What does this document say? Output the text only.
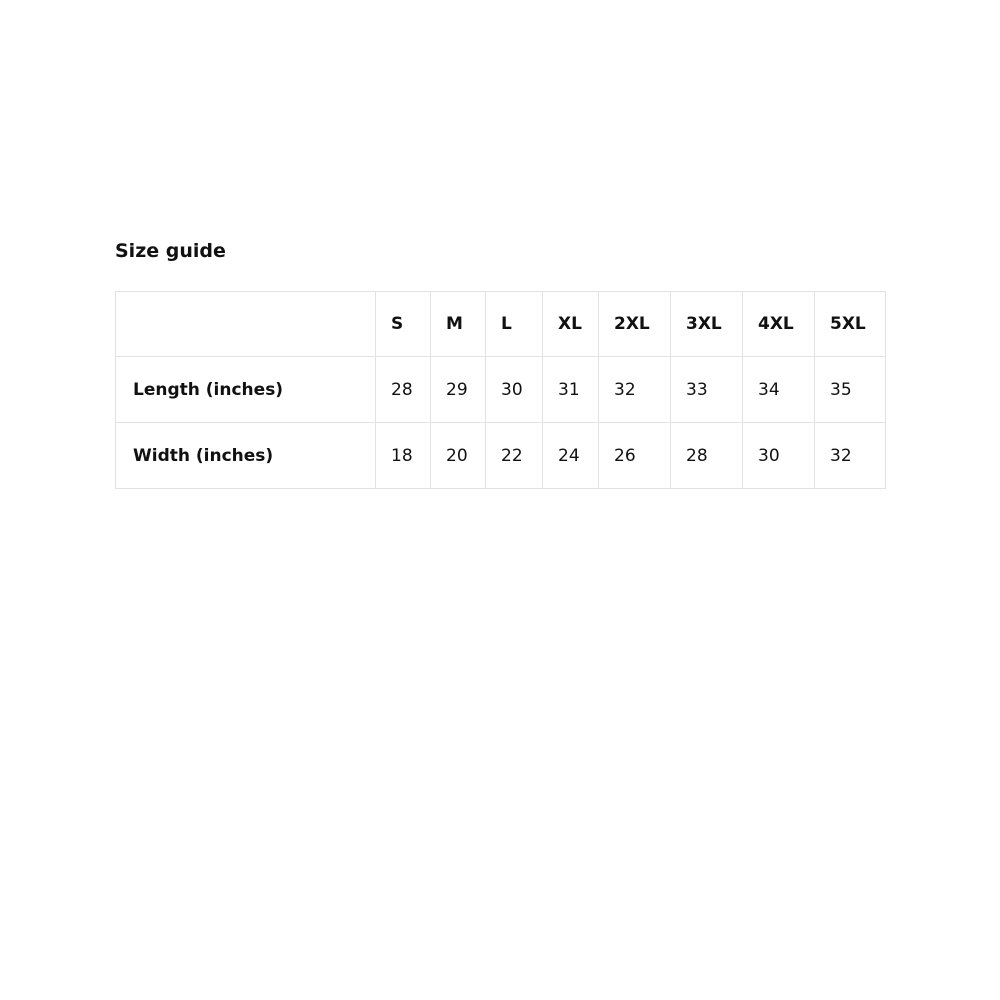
Size guide
	S	M	L	XL	2XL	3XL	4XL	5XL
Length (inches)	28	29	30	31	32	33	34	35
Width (inches)	18	20	22	24	26	28	30	32
